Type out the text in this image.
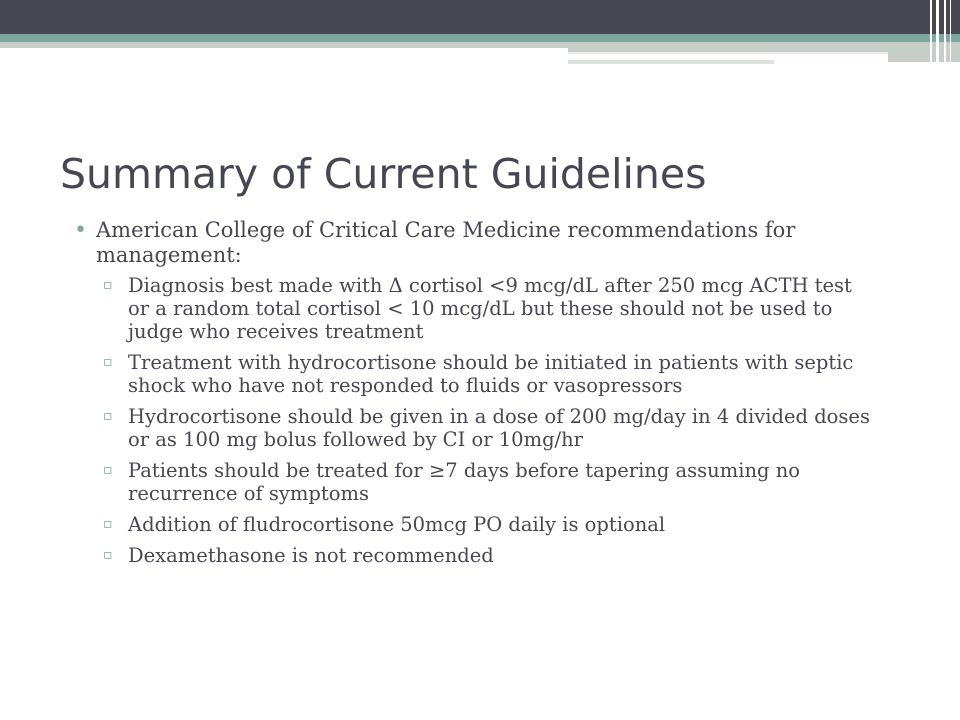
Summary of Current Guidelines

• American College of Critical Care Medicine recommendations for management:

▫ Diagnosis best made with Δ cortisol <9 mcg/dL after 250 mcg ACTH test or a random total cortisol < 10 mcg/dL but these should not be used to judge who receives treatment
▫ Treatment with hydrocortisone should be initiated in patients with septic shock who have not responded to fluids or vasopressors
▫ Hydrocortisone should be given in a dose of 200 mg/day in 4 divided doses or as 100 mg bolus followed by CI or 10mg/hr
▫ Patients should be treated for ≥7 days before tapering assuming no recurrence of symptoms
▫ Addition of fludrocortisone 50mcg PO daily is optional
▫ Dexamethasone is not recommended
